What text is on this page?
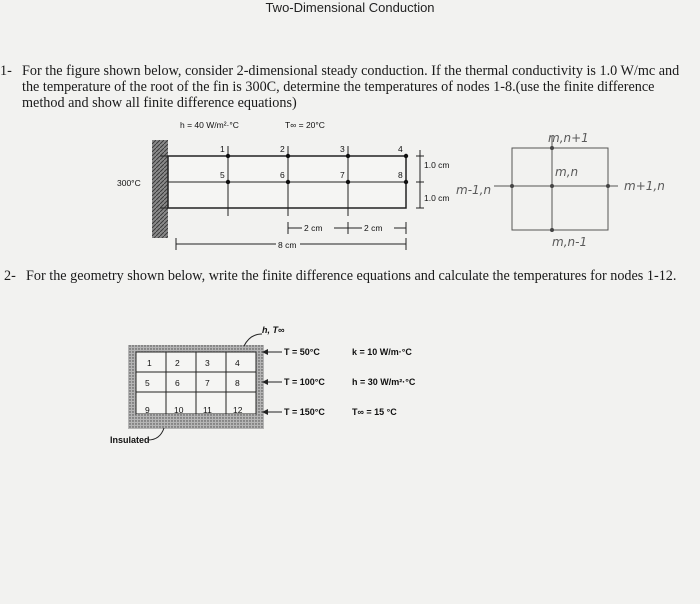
Two-Dimensional Conduction
1- For the figure shown below, consider 2-dimensional steady conduction. If the thermal conductivity is 1.0 W/mc and the temperature of the root of the fin is 300C, determine the temperatures of nodes 1-8.(use the finite difference method and show all finite difference equations)
1	2	3	4
5	6	7	8
h = 40 W/m²·°C	T∞ = 20°C
300°C
1.0 cm
1.0 cm
2 cm	2 cm
8 cm
m,n+1
m,n
m-1,n	m+1,n
m,n-1
2- For the geometry shown below, write the finite difference equations and calculate the temperatures for nodes 1-12.
1	2	3	4
5	6	7	8
9	10 11 12
h, T∞
T = 50°C
T = 100°C
T = 150°C
k = 10 W/m·°C
h = 30 W/m²·°C
T∞ = 15 °C
Insulated
